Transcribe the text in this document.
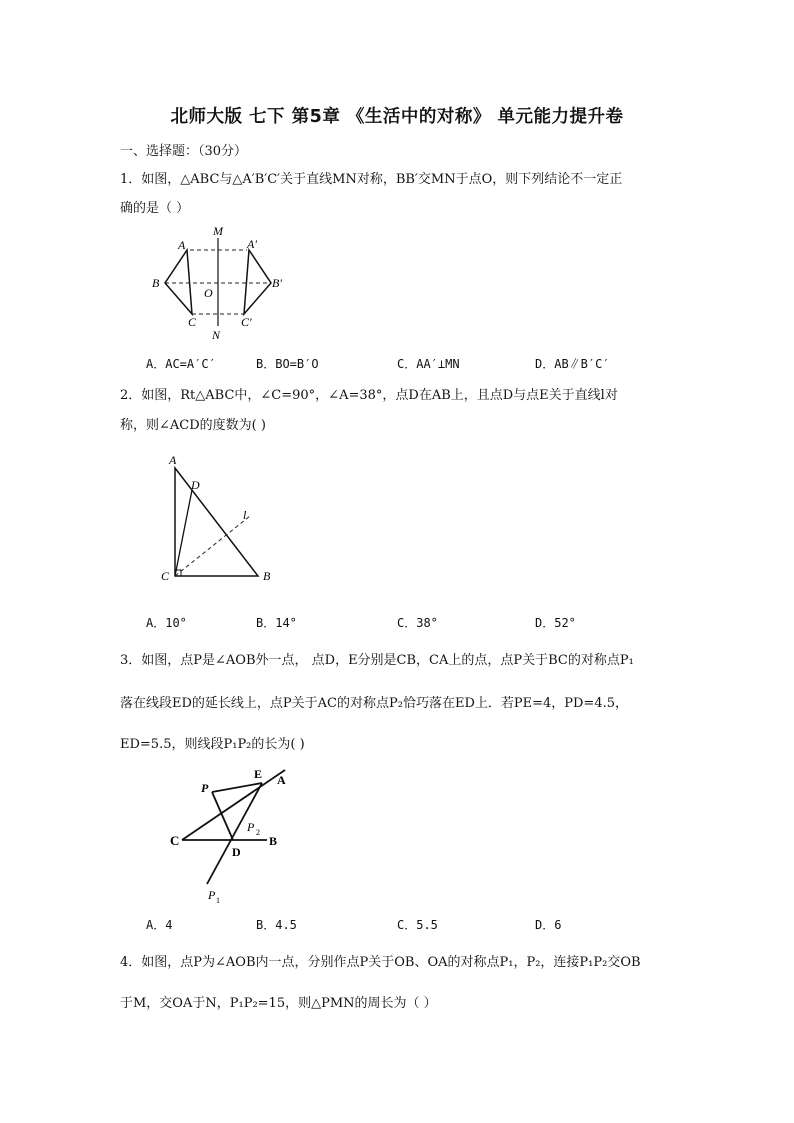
北师大版 七下 第5章 《生活中的对称》 单元能力提升卷
一、选择题：（30分）
1．如图，△ABC与△A′B′C′关于直线MN对称，BB′交MN于点O，则下列结论不一定正
确的是（ ）
M
N
O
A
B
C
A′
B′
C′
A．AC=A′C′	B．BO=B′O	C．AA′⊥MN	D．AB∥B′C′
2．如图，Rt△ABC中，∠C=90°，∠A=38°，点D在AB上，且点D与点E关于直线l对
称，则∠ACD的度数为( )
A
D
l
C	B
A．10°	B．14°	C．38°	D．52°
3．如图，点P是∠AOB外一点， 点D，E分别是CB，CA上的点，点P关于BC的对称点P₁
落在线段ED的延长线上，点P关于AC的对称点P₂恰巧落在ED上．若PE=4，PD=4.5，
ED=5.5，则线段P₁P₂的长为( )
P
E A
C
D
B
P 2
P 1
A．4	B．4.5	C．5.5	D．6
4．如图，点P为∠AOB内一点，分别作点P关于OB、OA的对称点P₁，P₂，连接P₁P₂交OB
于M，交OA于N，P₁P₂=15，则△PMN的周长为（ ）
